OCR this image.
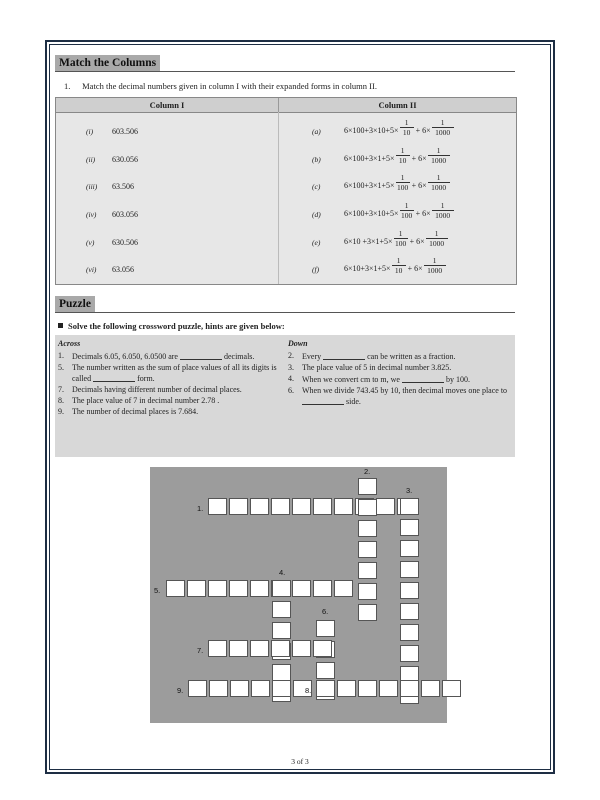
Match the Columns
1. Match the decimal numbers given in column I with their expanded forms in column II.
Column I	Column II
(i) 603.506	(a)	6×100+3×10+5×
1
10 + 6×
1
1000
(ii) 630.056	(b)	6×100+3×1+5×
1
10 + 6×
1
1000
(iii) 63.506	(c)	6×100+3×1+5×
1
100 + 6×
1
1000
(iv) 603.056	(d)	6×100+3×10+5×
1
100 + 6×
1
1000
(v) 630.506	(e)	6×10 +3×1+5×
1
100 + 6×
1
1000
(vi) 63.056	(f)	6×10+3×1+5×
1
10 + 6×
1
1000
Puzzle
Solve the following crossword puzzle, hints are given below:
Across
1. Decimals 6.05, 6.050, 6.0500 are	decimals.
5. The number written as the sum of place values of all its digits is called	form.
7. Decimals having different number of decimal places.
8. The place value of 7 in decimal number 2.78 .
9. The number of decimal places is 7.684.
Down
2. Every	can be written as a fraction.
3. The place value of 5 in decimal number 3.825.
4. When we convert cm to m, we	by 100.
6. When we divide 743.45 by 10, then decimal moves one place to  side.
1.
2.
3.
4.
5.
6.
7.
8.
9.
3 of 3
